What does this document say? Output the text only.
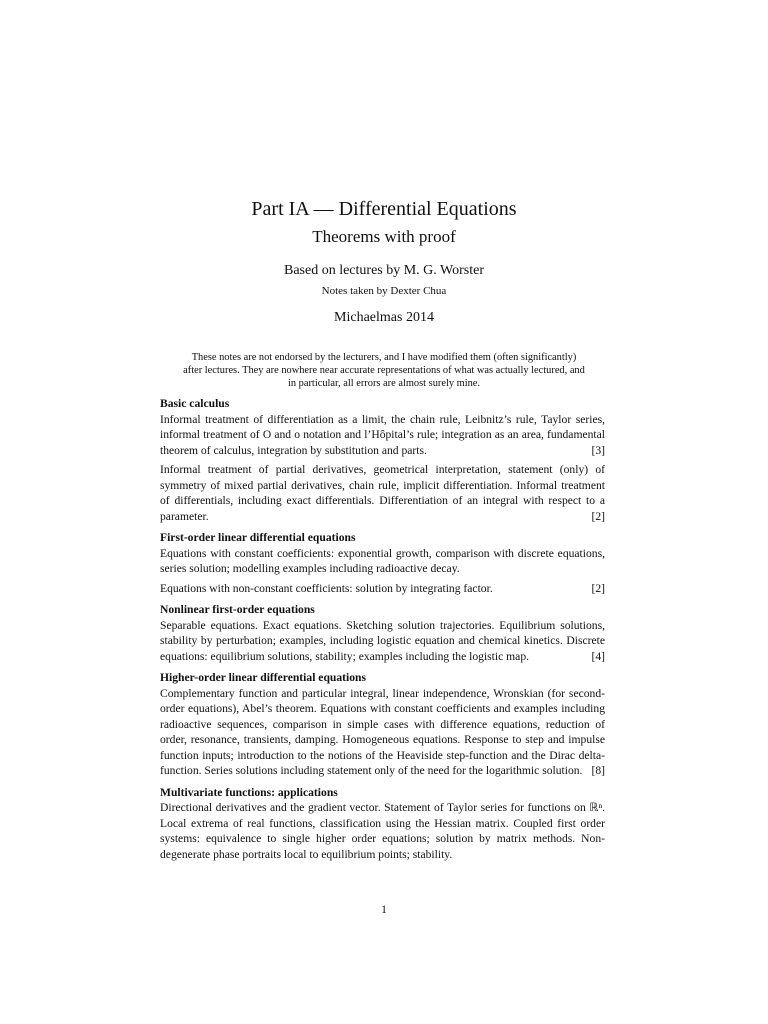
Part IA — Differential Equations
Theorems with proof
Based on lectures by M. G. Worster
Notes taken by Dexter Chua
Michaelmas 2014
These notes are not endorsed by the lecturers, and I have modified them (often significantly) after lectures. They are nowhere near accurate representations of what was actually lectured, and in particular, all errors are almost surely mine.
Basic calculus
Informal treatment of differentiation as a limit, the chain rule, Leibnitz’s rule, Taylor series, informal treatment of O and o notation and l’Hôpital’s rule; integration as an area, fundamental theorem of calculus, integration by substitution and parts.	[3]
Informal treatment of partial derivatives, geometrical interpretation, statement (only) of symmetry of mixed partial derivatives, chain rule, implicit differentiation. Informal treatment of differentials, including exact differentials. Differentiation of an integral with respect to a parameter.	[2]
First-order linear differential equations
Equations with constant coefficients: exponential growth, comparison with discrete equations, series solution; modelling examples including radioactive decay.
Equations with non-constant coefficients: solution by integrating factor.	[2]
Nonlinear first-order equations
Separable equations. Exact equations. Sketching solution trajectories. Equilibrium solutions, stability by perturbation; examples, including logistic equation and chemical kinetics. Discrete equations: equilibrium solutions, stability; examples including the logistic map.	[4]
Higher-order linear differential equations
Complementary function and particular integral, linear independence, Wronskian (for second-order equations), Abel’s theorem. Equations with constant coefficients and examples including radioactive sequences, comparison in simple cases with difference equations, reduction of order, resonance, transients, damping. Homogeneous equations. Response to step and impulse function inputs; introduction to the notions of the Heaviside step-function and the Dirac delta-function. Series solutions including statement only of the need for the logarithmic solution. [8]
Multivariate functions: applications
Directional derivatives and the gradient vector. Statement of Taylor series for functions on ℝⁿ. Local extrema of real functions, classification using the Hessian matrix. Coupled first order systems: equivalence to single higher order equations; solution by matrix methods. Non-degenerate phase portraits local to equilibrium points; stability.
1
